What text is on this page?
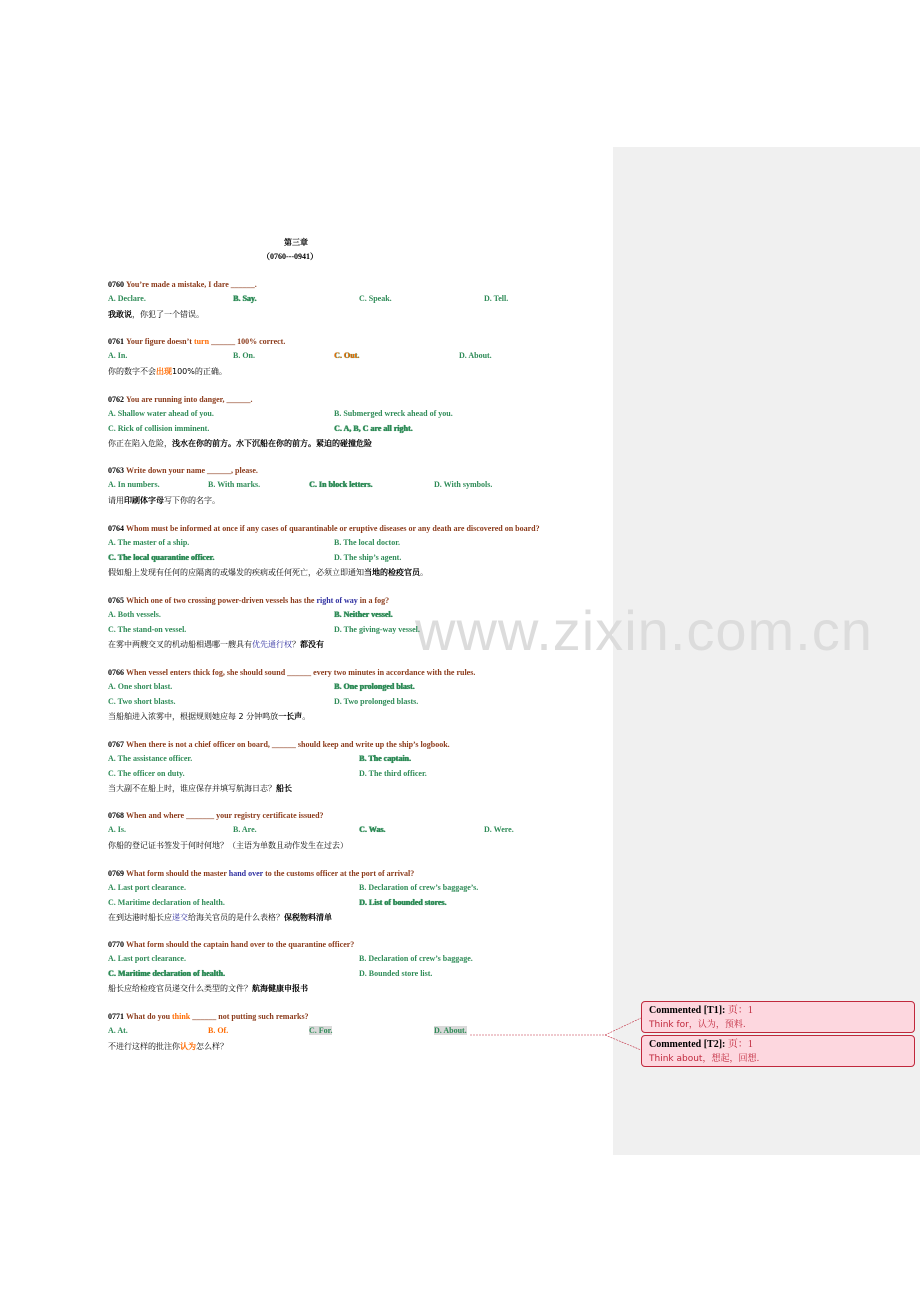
www.zixin.com.cn
第三章
（0760---0941）
0760 You’re made a mistake, I dare ______.
A. Declare.	B. Say.	C. Speak.	D. Tell.
我敢说，你犯了一个错误。
0761 Your figure doesn’t turn ______ 100% correct.
A. In.	B. On.	C. Out.	D. About.
你的数字不会出现100%的正确。
0762 You are running into danger, ______.
A. Shallow water ahead of you.	B. Submerged wreck ahead of you.
C. Rick of collision imminent.	C. A, B, C are all right.
你正在陷入危险，浅水在你的前方。水下沉船在你的前方。紧迫的碰撞危险
0763 Write down your name ______, please.
A. In numbers.	B. With marks.	C. In block letters.	D. With symbols.
请用印刷体字母写下你的名字。
0764 Whom must be informed at once if any cases of quarantinable or eruptive diseases or any death are discovered on board?
A. The master of a ship.	B. The local doctor.
C. The local quarantine officer.	D. The ship’s agent.
假如船上发现有任何的应隔离的或爆发的疾病或任何死亡，必须立即通知当地的检疫官员。
0765 Which one of two crossing power-driven vessels has the right of way in a fog?
A. Both vessels.	B. Neither vessel.
C. The stand-on vessel.	D. The giving-way vessel.
在雾中两艘交叉的机动船相遇哪一艘具有优先通行权？都没有
0766 When vessel enters thick fog, she should sound ______ every two minutes in accordance with the rules.
A. One short blast.	B. One prolonged blast.
C. Two short blasts.	D. Two prolonged blasts.
当船舶进入浓雾中，根据规则她应每 2 分钟鸣放一长声。
0767 When there is not a chief officer on board, ______ should keep and write up the ship’s logbook.
A. The assistance officer.	B. The captain.
C. The officer on duty.	D. The third officer.
当大副不在船上时，谁应保存并填写航海日志？船长
0768 When and where _______ your registry certificate issued?
A. Is.	B. Are.	C. Was.	D. Were.
你船的登记证书签发于何时何地？（主语为单数且动作发生在过去）
0769 What form should the master hand over to the customs officer at the port of arrival?
A. Last port clearance.	B. Declaration of crew’s baggage’s.
C. Maritime declaration of health.	D. List of bounded stores.
在到达港时船长应递交给海关官员的是什么表格？保税物料清单
0770 What form should the captain hand over to the quarantine officer?
A. Last port clearance.	B. Declaration of crew’s baggage.
C. Maritime declaration of health.	D. Bounded store list.
船长应给检疫官员递交什么类型的文件？航海健康申报书
0771 What do you think ______ not putting such remarks?
A. At.	B. Of.	C. For.	D. About.
不进行这样的批注你认为怎么样？
Commented [T1]: 页：1
Think for，认为，预料.
Commented [T2]: 页：1
Think about，想起，回想.
